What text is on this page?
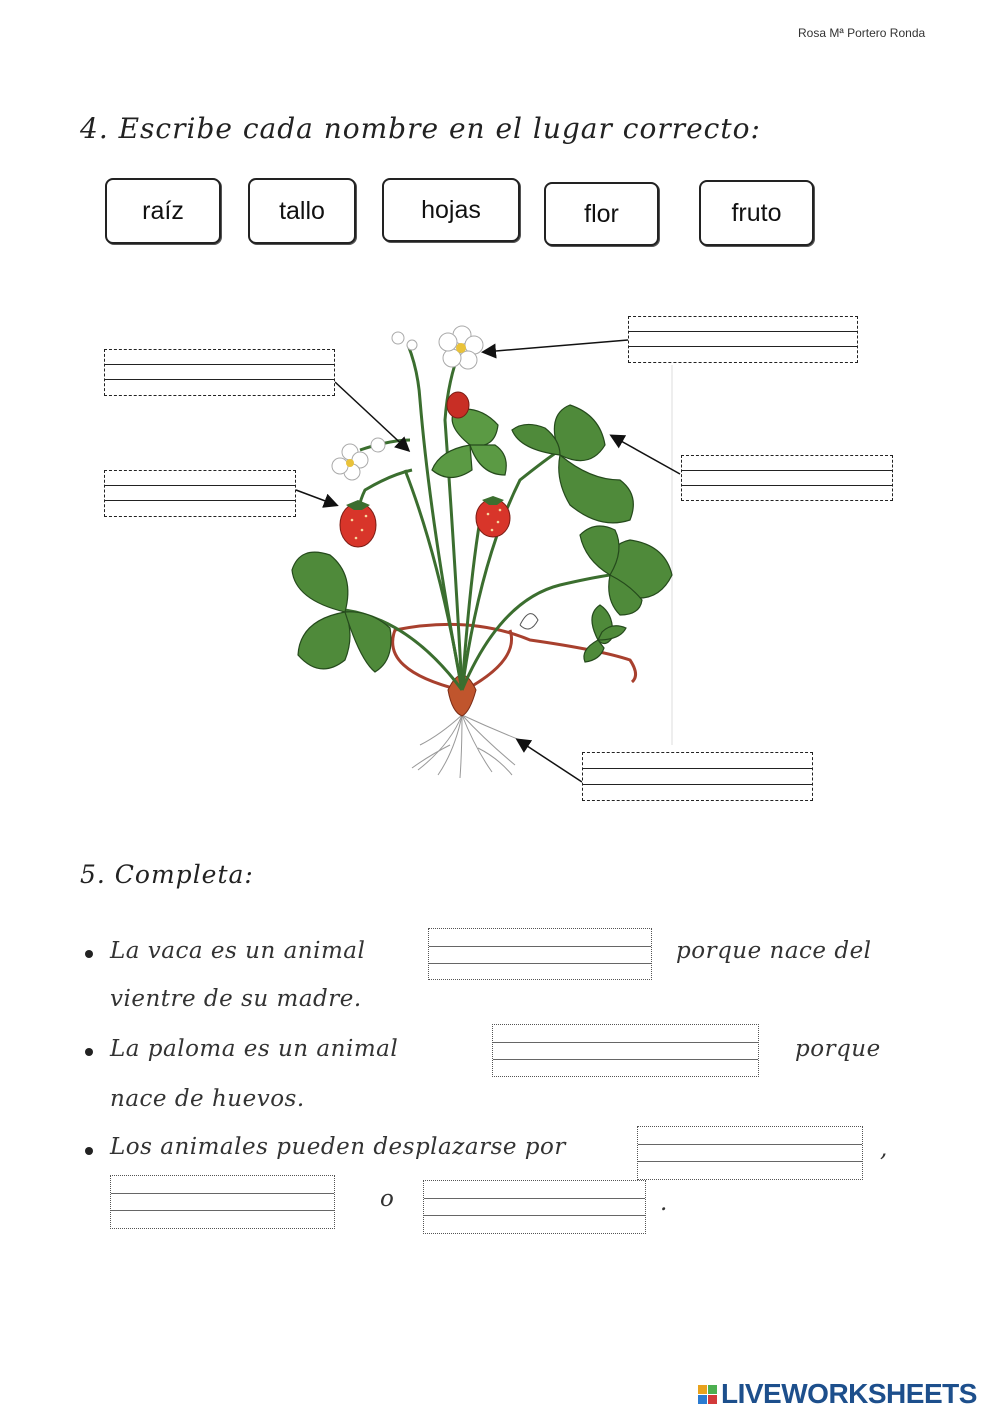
Rosa Mª Portero Ronda
4. Escribe cada nombre en el lugar correcto:
raíz	tallo	hojas	flor	fruto
5. Completa:
La vaca es un animal	porque nace del
vientre de su madre.
La paloma es un animal	porque
nace de huevos.
Los animales pueden desplazarse por	,
o	.
LIVEWORKSHEETS
